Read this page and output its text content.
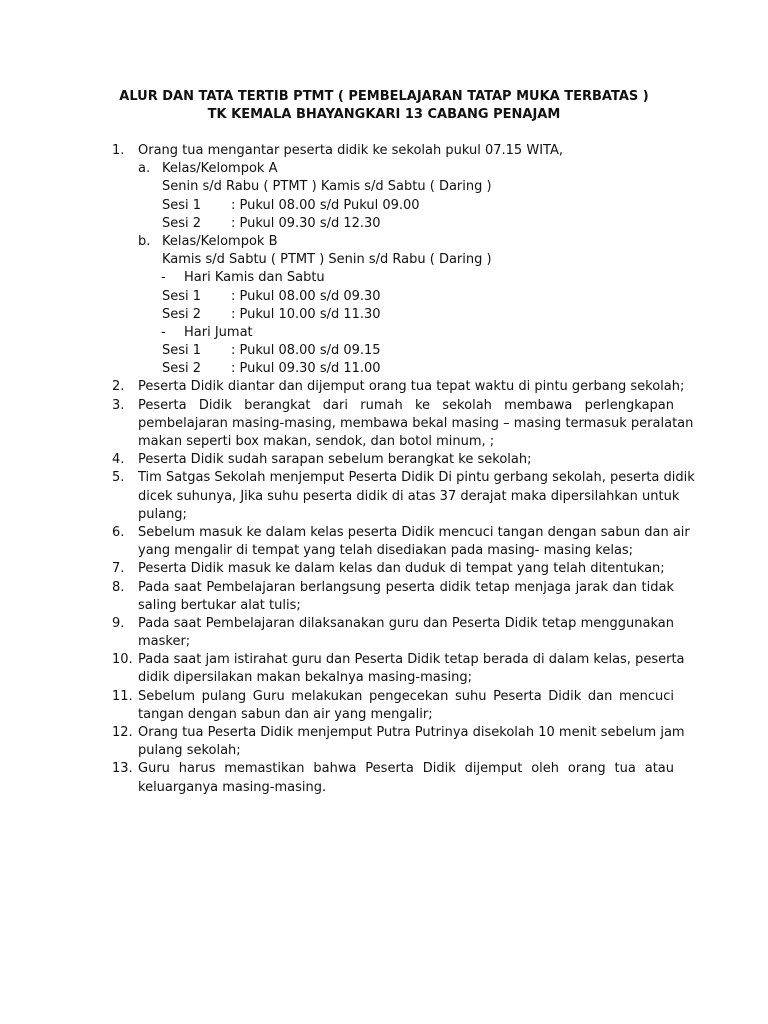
ALUR DAN TATA TERTIB PTMT ( PEMBELAJARAN TATAP MUKA TERBATAS )
TK KEMALA BHAYANGKARI 13 CABANG PENAJAM
1.	Orang tua mengantar peserta didik ke sekolah pukul 07.15 WITA,
a. Kelas/Kelompok A
Senin s/d Rabu ( PTMT ) Kamis s/d Sabtu ( Daring )
Sesi 1 : Pukul 08.00 s/d Pukul 09.00
Sesi 2 : Pukul 09.30 s/d 12.30
b. Kelas/Kelompok B
Kamis s/d Sabtu ( PTMT ) Senin s/d Rabu ( Daring )
- Hari Kamis dan Sabtu
Sesi 1 : Pukul 08.00 s/d 09.30
Sesi 2 : Pukul 10.00 s/d 11.30
- Hari Jumat
Sesi 1 : Pukul 08.00 s/d 09.15
Sesi 2 : Pukul 09.30 s/d 11.00
2.	Peserta Didik diantar dan dijemput orang tua tepat waktu di pintu gerbang sekolah;
3.	Peserta Didik berangkat dari rumah ke sekolah membawa perlengkapan
pembelajaran masing-masing, membawa bekal masing – masing termasuk peralatan
makan seperti box makan, sendok, dan botol minum, ;
4.	Peserta Didik sudah sarapan sebelum berangkat ke sekolah;
5.	Tim Satgas Sekolah menjemput Peserta Didik Di pintu gerbang sekolah, peserta didik
dicek suhunya, Jika suhu peserta didik di atas 37 derajat maka dipersilahkan untuk
pulang;
6.	Sebelum masuk ke dalam kelas peserta Didik mencuci tangan dengan sabun dan air
yang mengalir di tempat yang telah disediakan pada masing- masing kelas;
7.	Peserta Didik masuk ke dalam kelas dan duduk di tempat yang telah ditentukan;
8.	Pada saat Pembelajaran berlangsung peserta didik tetap menjaga jarak dan tidak
saling bertukar alat tulis;
9.	Pada saat Pembelajaran dilaksanakan guru dan Peserta Didik tetap menggunakan
masker;
10. Pada saat jam istirahat guru dan Peserta Didik tetap berada di dalam kelas, peserta
didik dipersilakan makan bekalnya masing-masing;
11. Sebelum pulang Guru melakukan pengecekan suhu Peserta Didik dan mencuci
tangan dengan sabun dan air yang mengalir;
12. Orang tua Peserta Didik menjemput Putra Putrinya disekolah 10 menit sebelum jam
pulang sekolah;
13. Guru harus memastikan bahwa Peserta Didik dijemput oleh orang tua atau
keluarganya masing-masing.
